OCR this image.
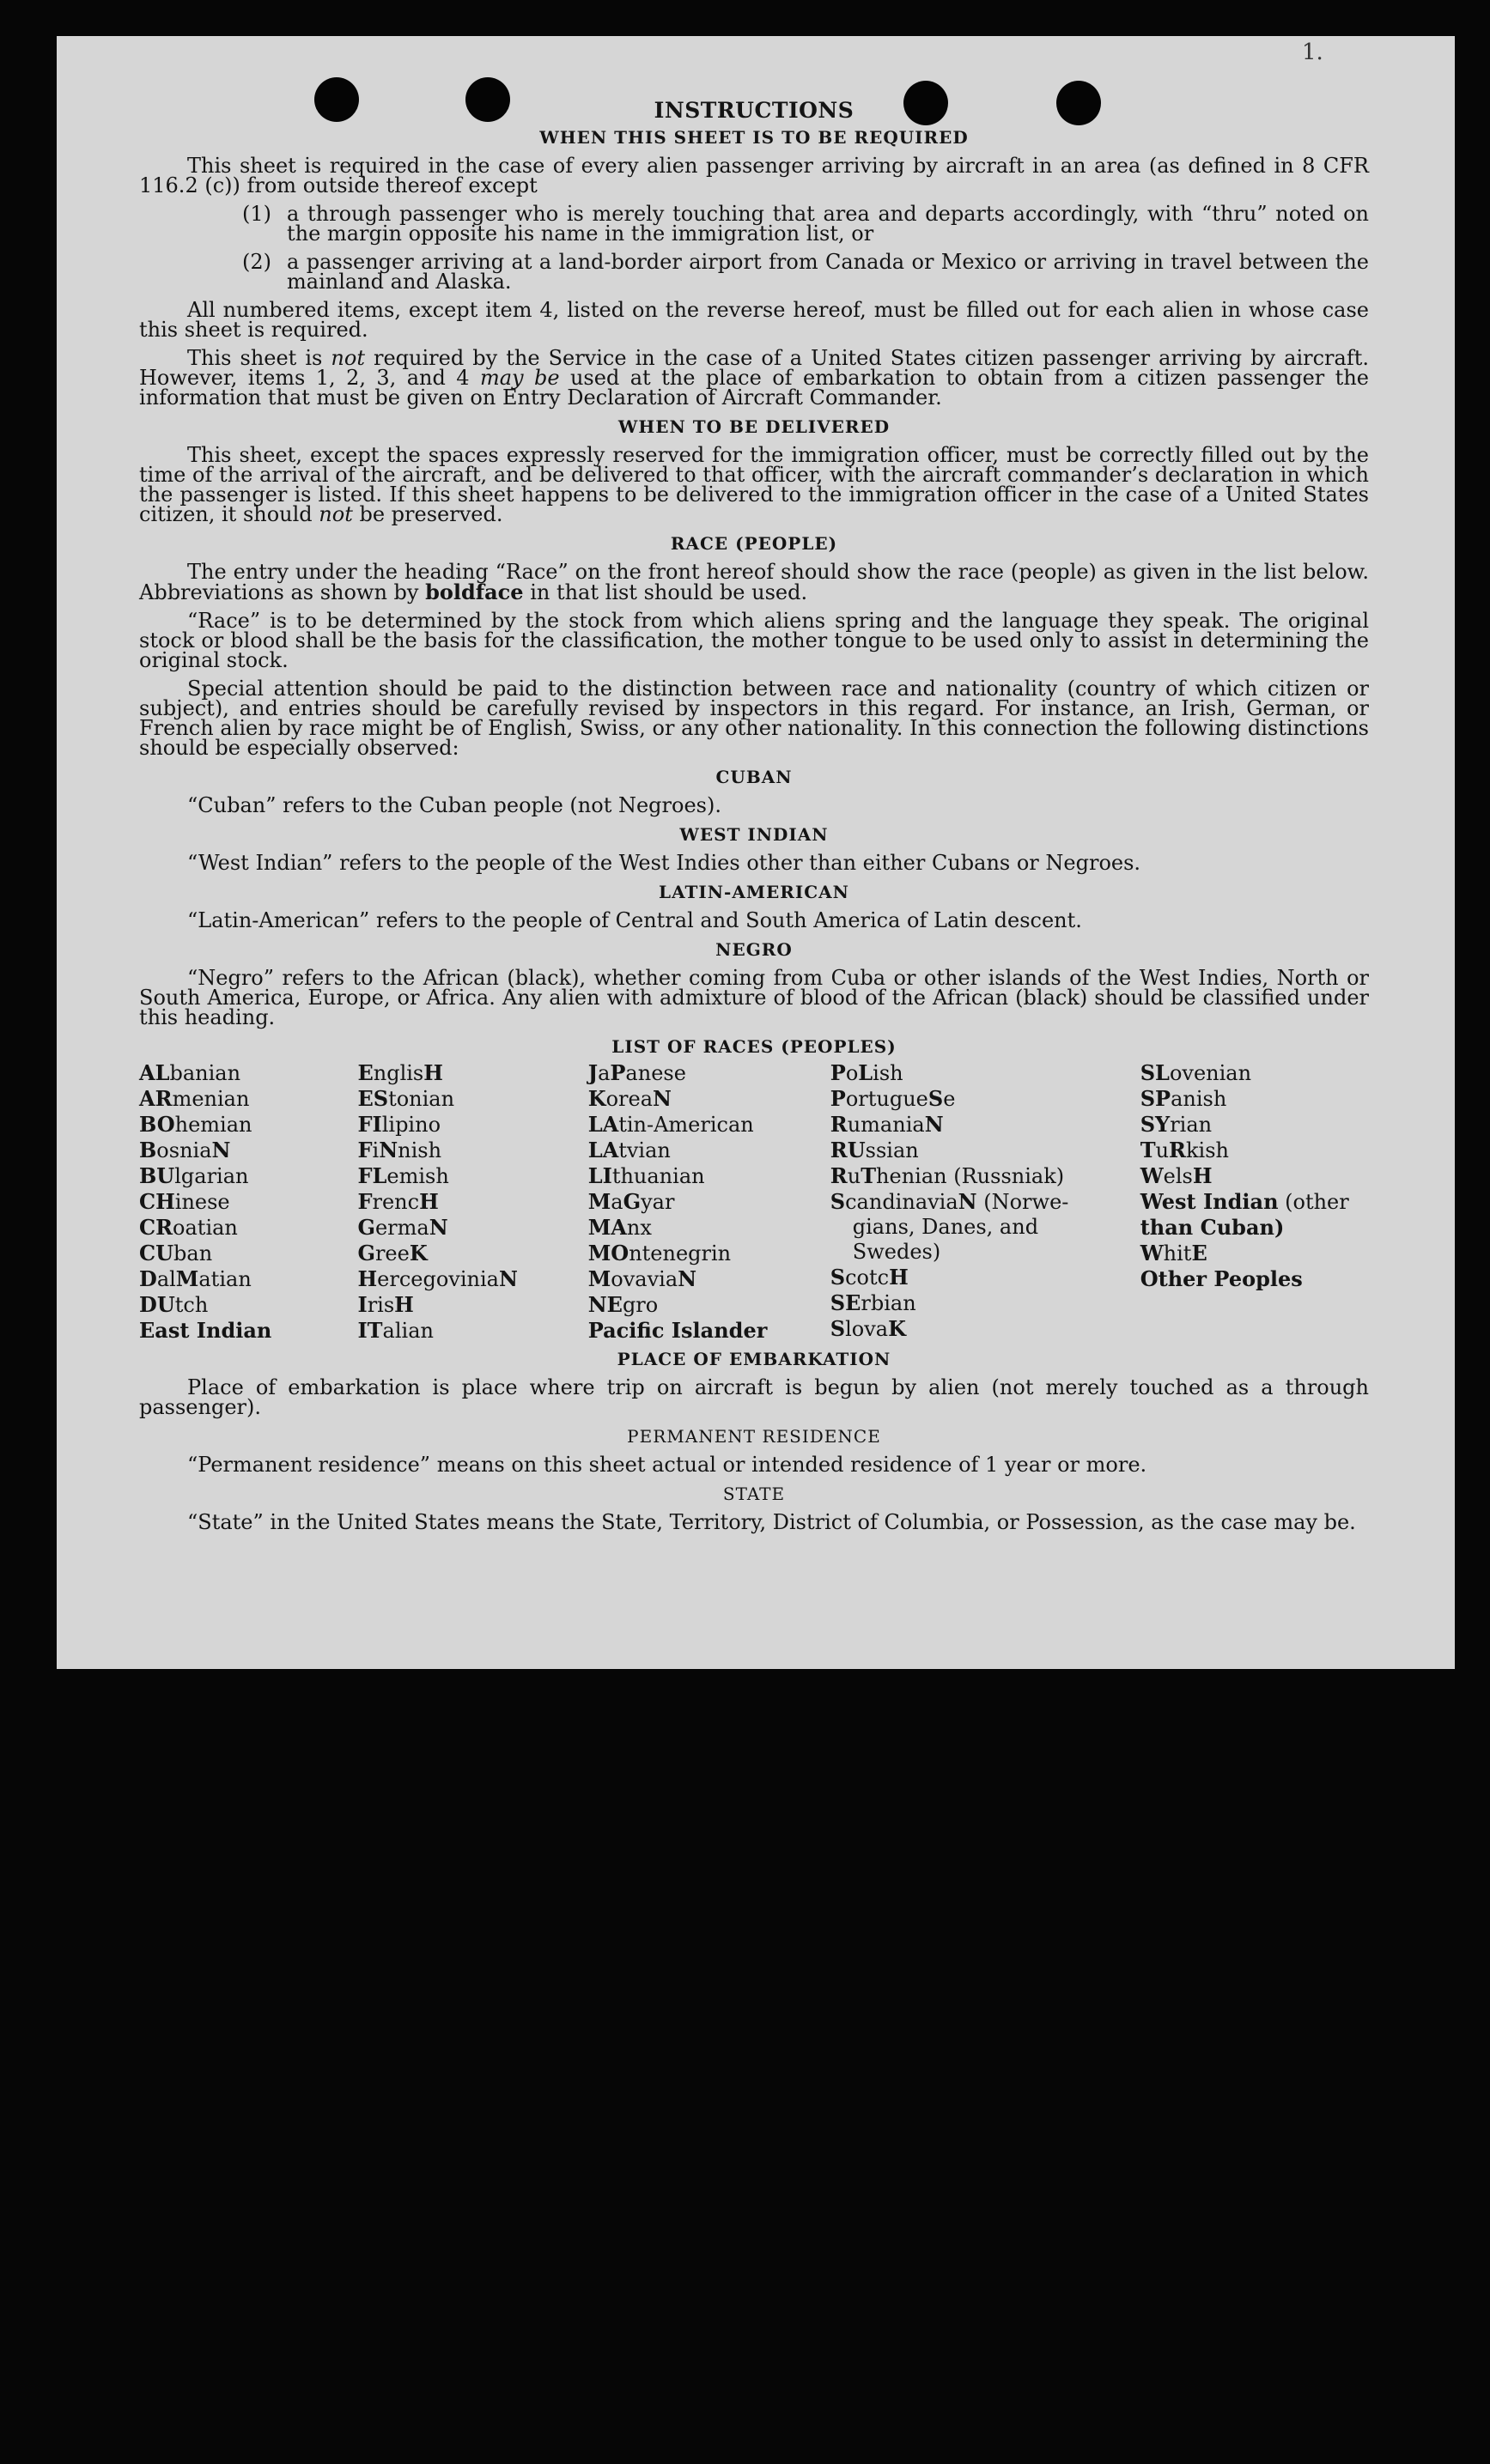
1.
INSTRUCTIONS
WHEN THIS SHEET IS TO BE REQUIRED

This sheet is required in the case of every alien passenger arriving by aircraft in an area (as defined in 8 CFR 116.2 (c)) from outside thereof except

(1) a through passenger who is merely touching that area and departs accordingly, with “thru” noted on the margin opposite his name in the immigration list, or
(2) a passenger arriving at a land-border airport from Canada or Mexico or arriving in travel between the mainland and Alaska.

All numbered items, except item 4, listed on the reverse hereof, must be filled out for each alien in whose case this sheet is required.

This sheet is not required by the Service in the case of a United States citizen passenger arriving by aircraft. However, items 1, 2, 3, and 4 may be used at the place of embarkation to obtain from a citizen passenger the information that must be given on Entry Declaration of Aircraft Commander.

WHEN TO BE DELIVERED

This sheet, except the spaces expressly reserved for the immigration officer, must be correctly filled out by the time of the arrival of the aircraft, and be delivered to that officer, with the aircraft commander’s declaration in which the passenger is listed. If this sheet happens to be delivered to the immigration officer in the case of a United States citizen, it should not be preserved.

RACE (PEOPLE)

The entry under the heading “Race” on the front hereof should show the race (people) as given in the list below. Abbreviations as shown by boldface in that list should be used.

“Race” is to be determined by the stock from which aliens spring and the language they speak. The original stock or blood shall be the basis for the classification, the mother tongue to be used only to assist in determining the original stock.

Special attention should be paid to the distinction between race and nationality (country of which citizen or subject), and entries should be carefully revised by inspectors in this regard. For instance, an Irish, German, or French alien by race might be of English, Swiss, or any other nationality. In this connection the following distinctions should be especially observed:

CUBAN

“Cuban” refers to the Cuban people (not Negroes).

WEST INDIAN

“West Indian” refers to the people of the West Indies other than either Cubans or Negroes.

LATIN-AMERICAN

“Latin-American” refers to the people of Central and South America of Latin descent.

NEGRO

“Negro” refers to the African (black), whether coming from Cuba or other islands of the West Indies, North or South America, Europe, or Africa. Any alien with admixture of blood of the African (black) should be classified under this heading.

LIST OF RACES (PEOPLES)
ALbanian
ARmenian
BOhemian
BosniaN
BUlgarian
CHinese
CRoatian
CUban
DalMatian
DUtch
East Indian
EnglisH
EStonian
FIlipino
FiNnish
FLemish
FrencH
GermaN
GreeK
HercegoviniaN
IrisH
ITalian
JaPanese
KoreaN
LAtin-American
LAtvian
LIthuanian
MaGyar
MAnx
MOntenegrin
MovaviaN
NEgro
Pacific Islander
PoLish
PortugueSe
RumaniaN
RUssian
RuThenian (Russniak)
ScandinaviaN (Norwe-
gians, Danes, and
Swedes)
ScotcH
SErbian
SlovaK
SLovenian
SPanish
SYrian
TuRkish
WelsH
West Indian (other
than Cuban)
WhitE
Other Peoples
PLACE OF EMBARKATION

Place of embarkation is place where trip on aircraft is begun by alien (not merely touched as a through passenger).

PERMANENT RESIDENCE

“Permanent residence” means on this sheet actual or intended residence of 1 year or more.

STATE

“State” in the United States means the State, Territory, District of Columbia, or Possession, as the case may be.
